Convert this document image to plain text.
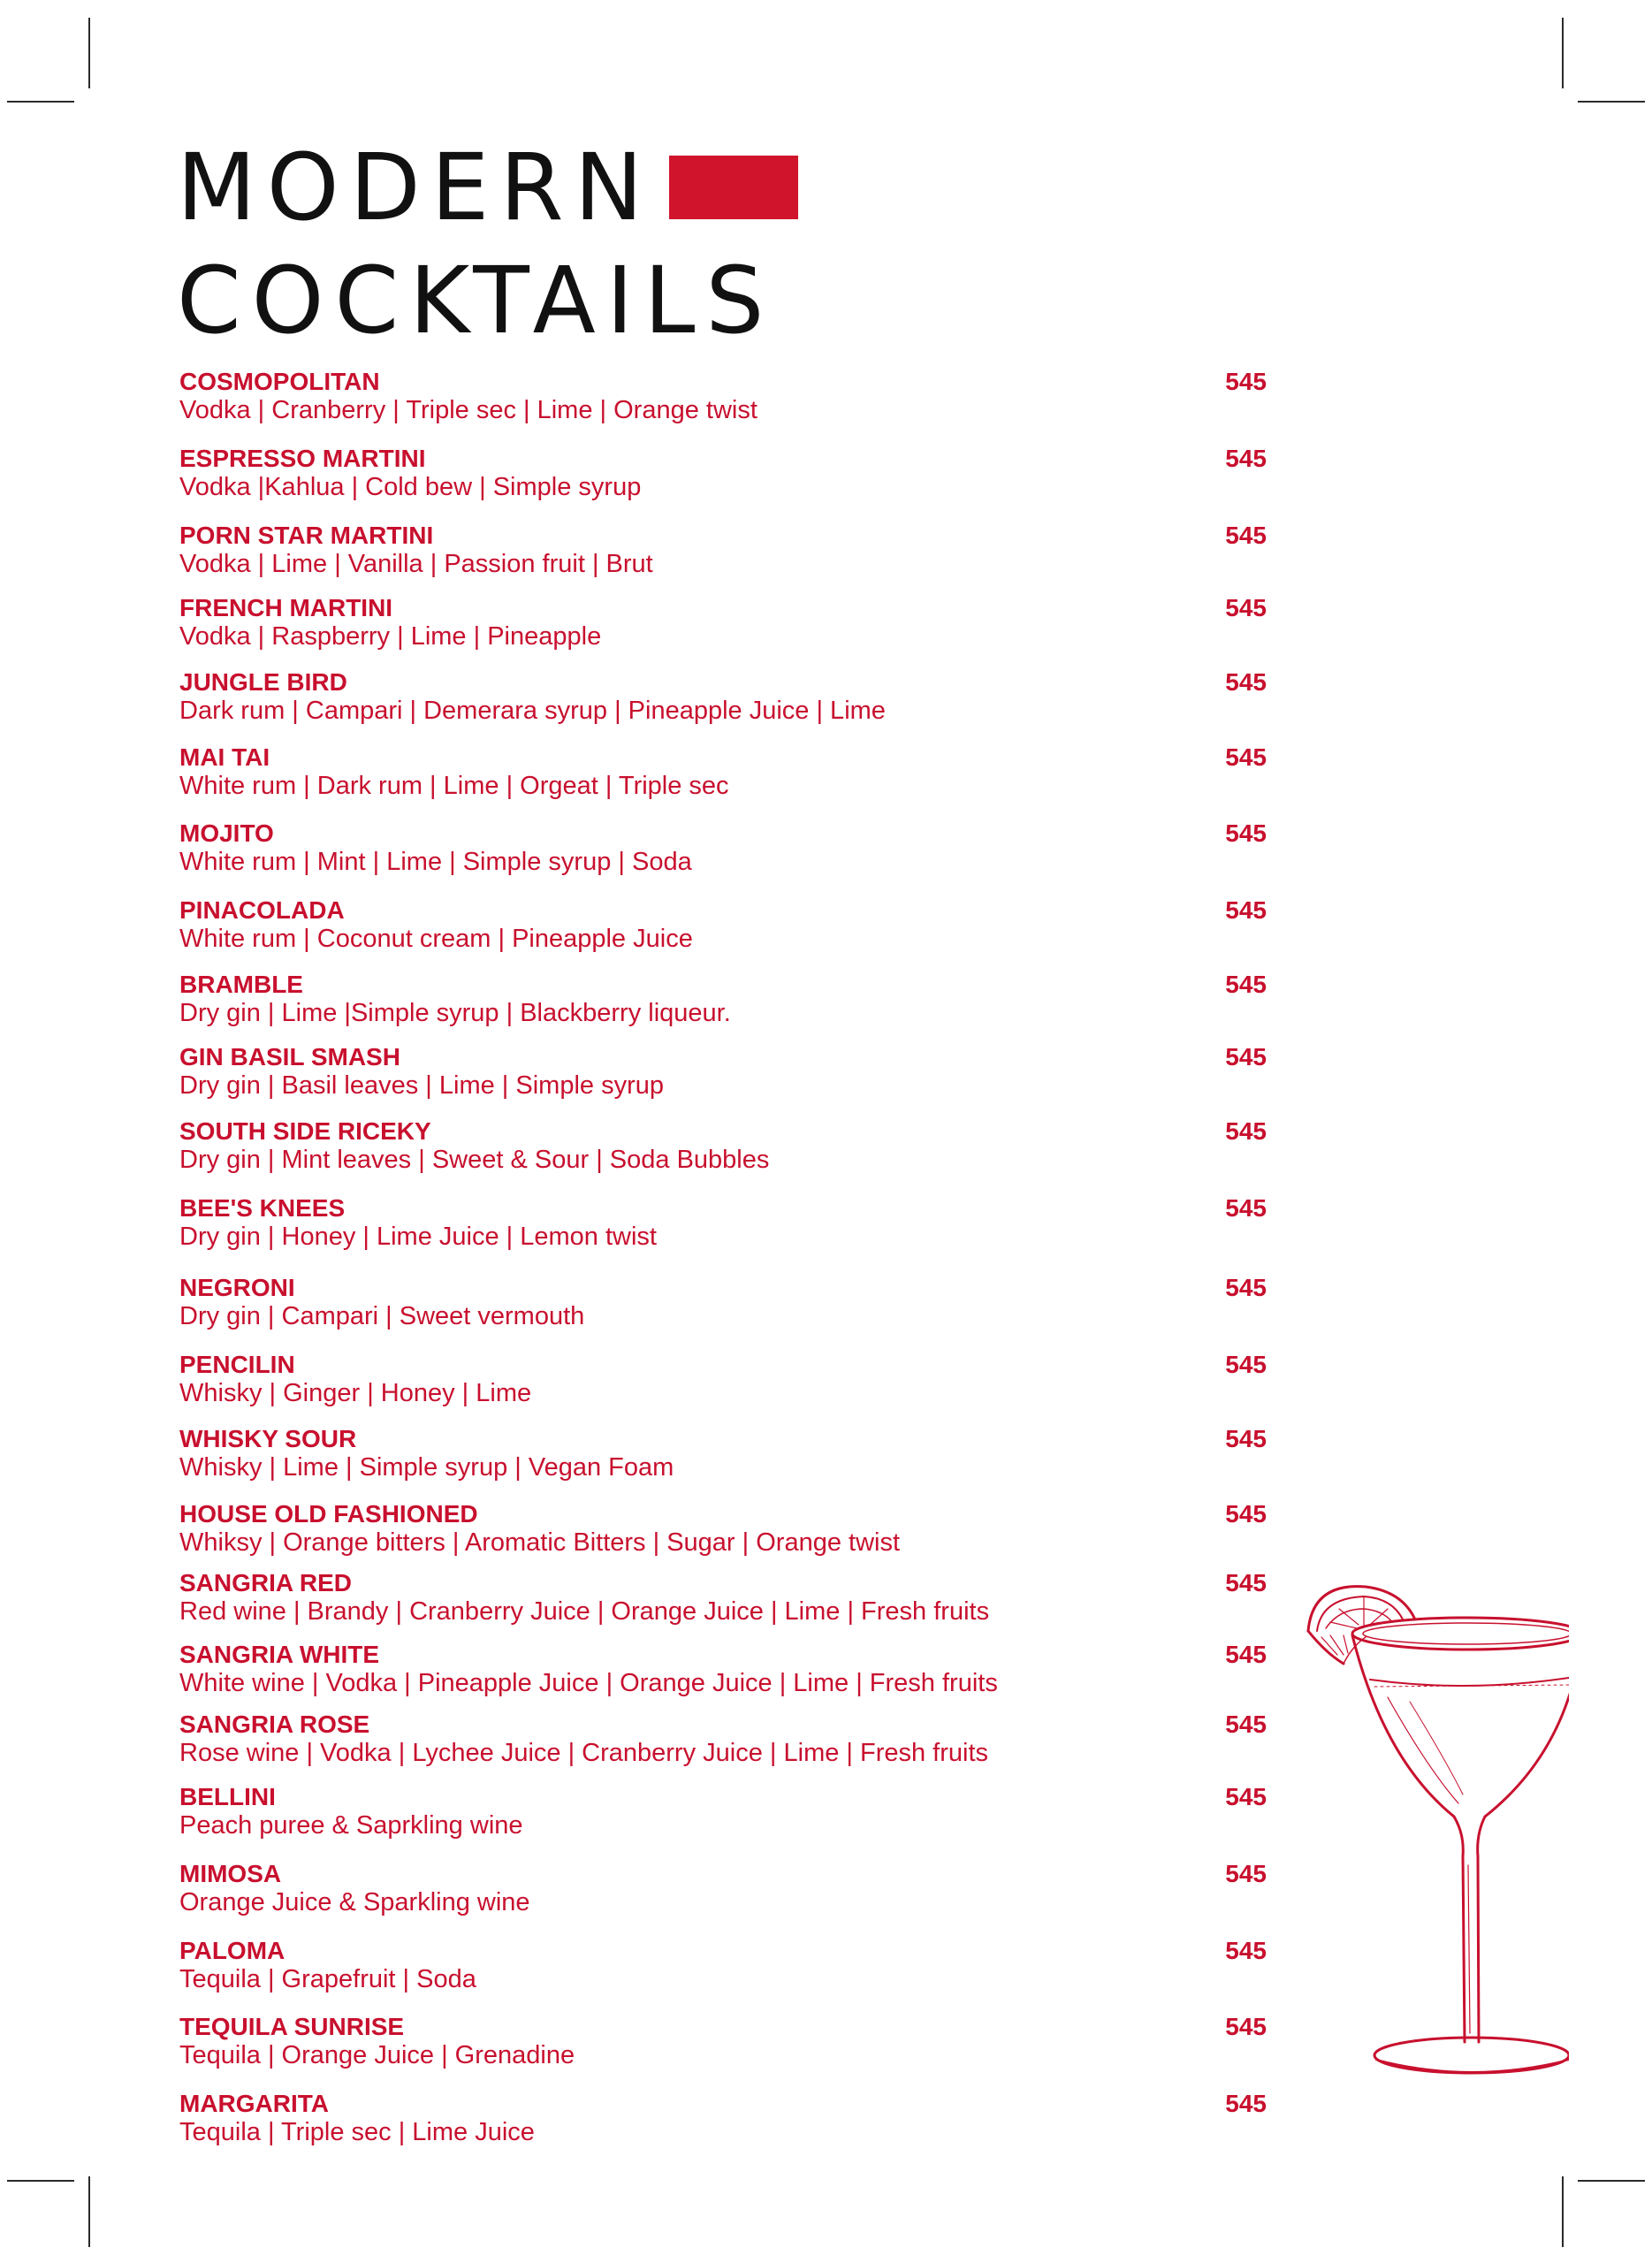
MODERN
COCKTAILS
COSMOPOLITAN
Vodka | Cranberry | Triple sec | Lime | Orange twist
545
ESPRESSO MARTINI
Vodka |Kahlua | Cold bew | Simple syrup
545
PORN STAR MARTINI
Vodka | Lime | Vanilla | Passion fruit | Brut
545
FRENCH MARTINI
Vodka | Raspberry | Lime | Pineapple
545
JUNGLE BIRD
Dark rum | Campari | Demerara syrup | Pineapple Juice | Lime
545
MAI TAI
White rum | Dark rum | Lime | Orgeat | Triple sec
545
MOJITO
White rum | Mint | Lime | Simple syrup | Soda
545
PINACOLADA
White rum | Coconut cream | Pineapple Juice
545
BRAMBLE
Dry gin | Lime |Simple syrup | Blackberry liqueur.
545
GIN BASIL SMASH
Dry gin | Basil leaves | Lime | Simple syrup
545
SOUTH SIDE RICEKY
Dry gin | Mint leaves | Sweet & Sour | Soda Bubbles
545
BEE'S KNEES
Dry gin | Honey | Lime Juice | Lemon twist
545
NEGRONI
Dry gin | Campari | Sweet vermouth
545
PENCILIN
Whisky | Ginger | Honey | Lime
545
WHISKY SOUR
Whisky | Lime | Simple syrup | Vegan Foam
545
HOUSE OLD FASHIONED
Whiksy | Orange bitters | Aromatic Bitters | Sugar | Orange twist
545
SANGRIA RED
Red wine | Brandy | Cranberry Juice | Orange Juice | Lime | Fresh fruits
545
SANGRIA WHITE
White wine | Vodka | Pineapple Juice | Orange Juice | Lime | Fresh fruits
545
SANGRIA ROSE
Rose wine | Vodka | Lychee Juice | Cranberry Juice | Lime | Fresh fruits
545
BELLINI
Peach puree & Saprkling wine
545
MIMOSA
Orange Juice & Sparkling wine
545
PALOMA
Tequila | Grapefruit | Soda
545
TEQUILA SUNRISE
Tequila | Orange Juice | Grenadine
545
MARGARITA
Tequila | Triple sec | Lime Juice
545
